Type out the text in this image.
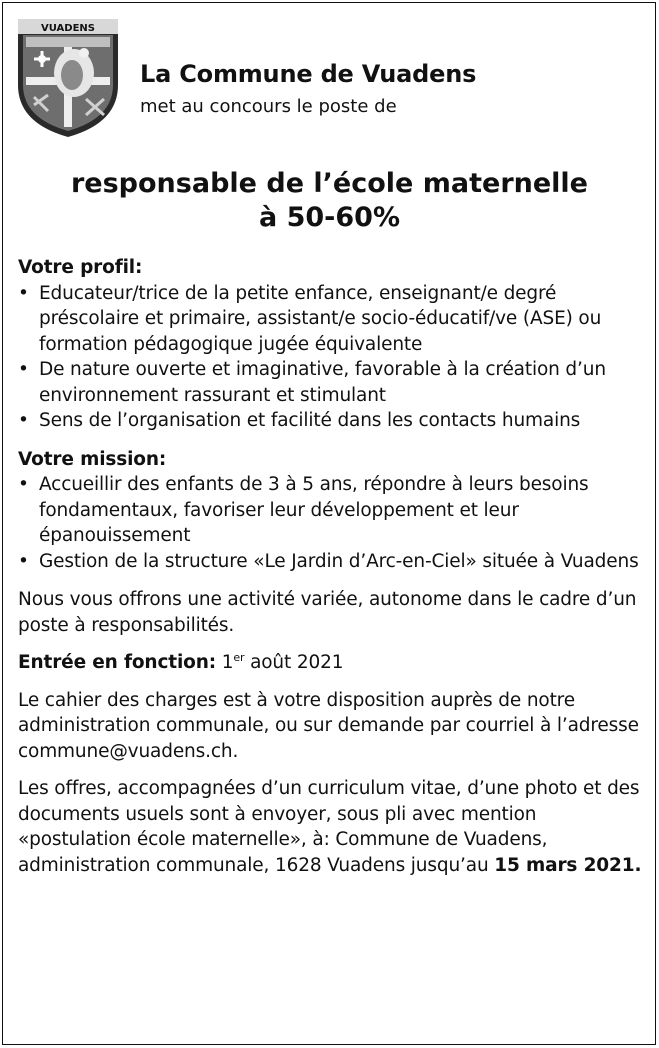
VUADENS
La Commune de Vuadens
met au concours le poste de
responsable de l’école maternelle
à 50-60%
Votre profil:
• Educateur/trice de la petite enfance, enseignant/e degré préscolaire et primaire, assistant/e socio-éducatif/ve (ASE) ou formation pédagogique jugée équivalente
• De nature ouverte et imaginative, favorable à la création d’un environnement rassurant et stimulant
• Sens de l’organisation et facilité dans les contacts humains
Votre mission:
• Accueillir des enfants de 3 à 5 ans, répondre à leurs besoins fondamentaux, favoriser leur développement et leur épanouissement
• Gestion de la structure «Le Jardin d’Arc-en-Ciel» située à Vuadens

Nous vous offrons une activité variée, autonome dans le cadre d’un poste à responsabilités.

Entrée en fonction: 1er août 2021

Le cahier des charges est à votre disposition auprès de notre administration communale, ou sur demande par courriel à l’adresse commune@vuadens.ch.

Les offres, accompagnées d’un curriculum vitae, d’une photo et des documents usuels sont à envoyer, sous pli avec mention «postulation école maternelle», à: Commune de Vuadens, administration communale, 1628 Vuadens jusqu’au 15 mars 2021.
